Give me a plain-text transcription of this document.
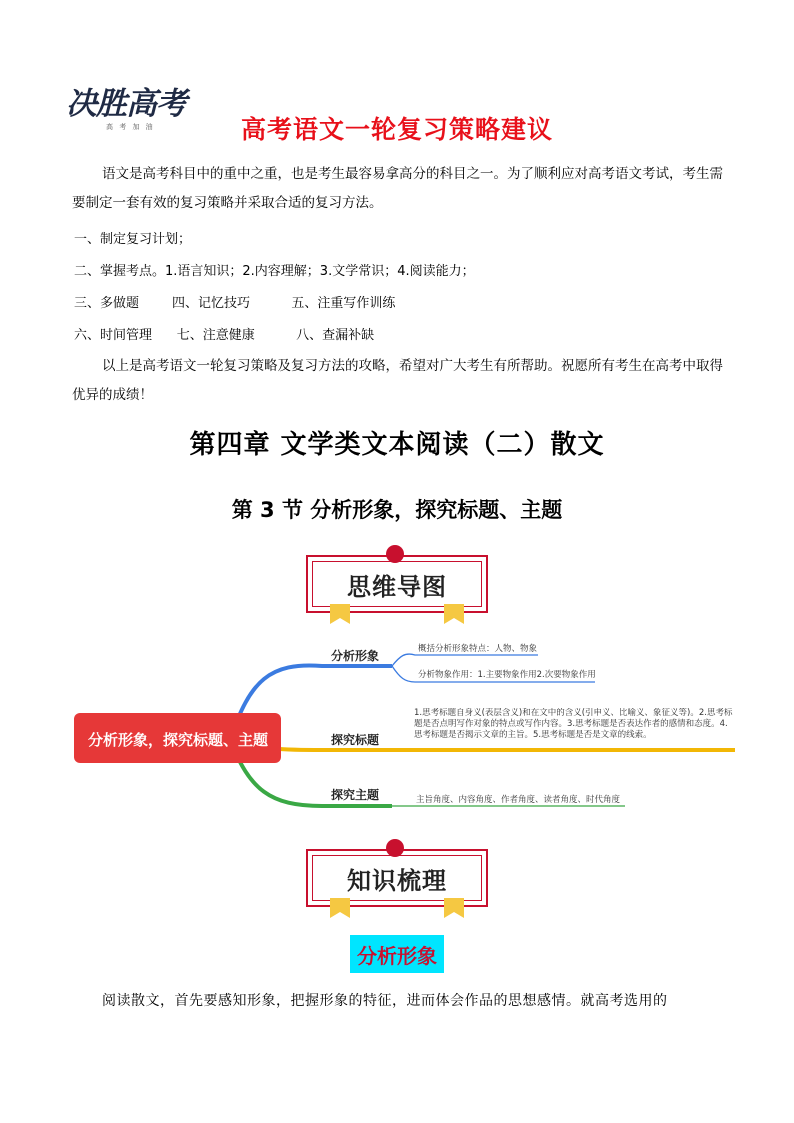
决胜高考
高 考 加 油	高考语文一轮复习策略建议
语文是高考科目中的重中之重，也是考生最容易拿高分的科目之一。为了顺利应对高考语文考试，考生需要制定一套有效的复习策略并采取合适的复习方法。
一、制定复习计划；
二、掌握考点。1.语言知识；2.内容理解；3.文学常识；4.阅读能力；
三、多做题        四、记忆技巧          五、注重写作训练
六、时间管理      七、注意健康          八、查漏补缺
以上是高考语文一轮复习策略及复习方法的攻略，希望对广大考生有所帮助。祝愿所有考生在高考中取得优异的成绩！
第四章 文学类文本阅读（二）散文
第 3 节 分析形象，探究标题、主题
思维导图
分析形象，探究标题、主题
分析形象
探究标题
探究主题
概括分析形象特点：人物、物象
分析物象作用：1.主要物象作用2.次要物象作用
1.思考标题自身义(表层含义)和在文中的含义(引申义、比喻义、象征义等)。2.思考标题是否点明写作对象的特点或写作内容。3.思考标题是否表达作者的感情和态度。4.思考标题是否揭示文章的主旨。5.思考标题是否是文章的线索。
主旨角度、内容角度、作者角度、读者角度、时代角度
知识梳理
分析形象
阅读散文，首先要感知形象，把握形象的特征，进而体会作品的思想感情。就高考选用的
